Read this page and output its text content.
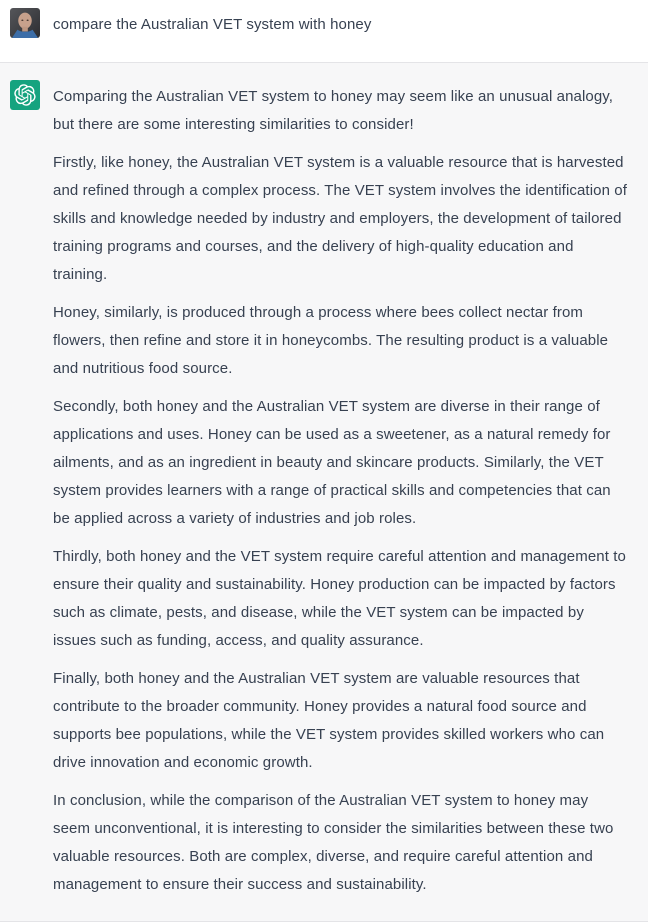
compare the Australian VET system with honey

Comparing the Australian VET system to honey may seem like an unusual analogy, but there are some interesting similarities to consider!

Firstly, like honey, the Australian VET system is a valuable resource that is harvested and refined through a complex process. The VET system involves the identification of skills and knowledge needed by industry and employers, the development of tailored training programs and courses, and the delivery of high-quality education and training.

Honey, similarly, is produced through a process where bees collect nectar from flowers, then refine and store it in honeycombs. The resulting product is a valuable and nutritious food source.

Secondly, both honey and the Australian VET system are diverse in their range of applications and uses. Honey can be used as a sweetener, as a natural remedy for ailments, and as an ingredient in beauty and skincare products. Similarly, the VET system provides learners with a range of practical skills and competencies that can be applied across a variety of industries and job roles.

Thirdly, both honey and the VET system require careful attention and management to ensure their quality and sustainability. Honey production can be impacted by factors such as climate, pests, and disease, while the VET system can be impacted by issues such as funding, access, and quality assurance.

Finally, both honey and the Australian VET system are valuable resources that contribute to the broader community. Honey provides a natural food source and supports bee populations, while the VET system provides skilled workers who can drive innovation and economic growth.

In conclusion, while the comparison of the Australian VET system to honey may seem unconventional, it is interesting to consider the similarities between these two valuable resources. Both are complex, diverse, and require careful attention and management to ensure their success and sustainability.
